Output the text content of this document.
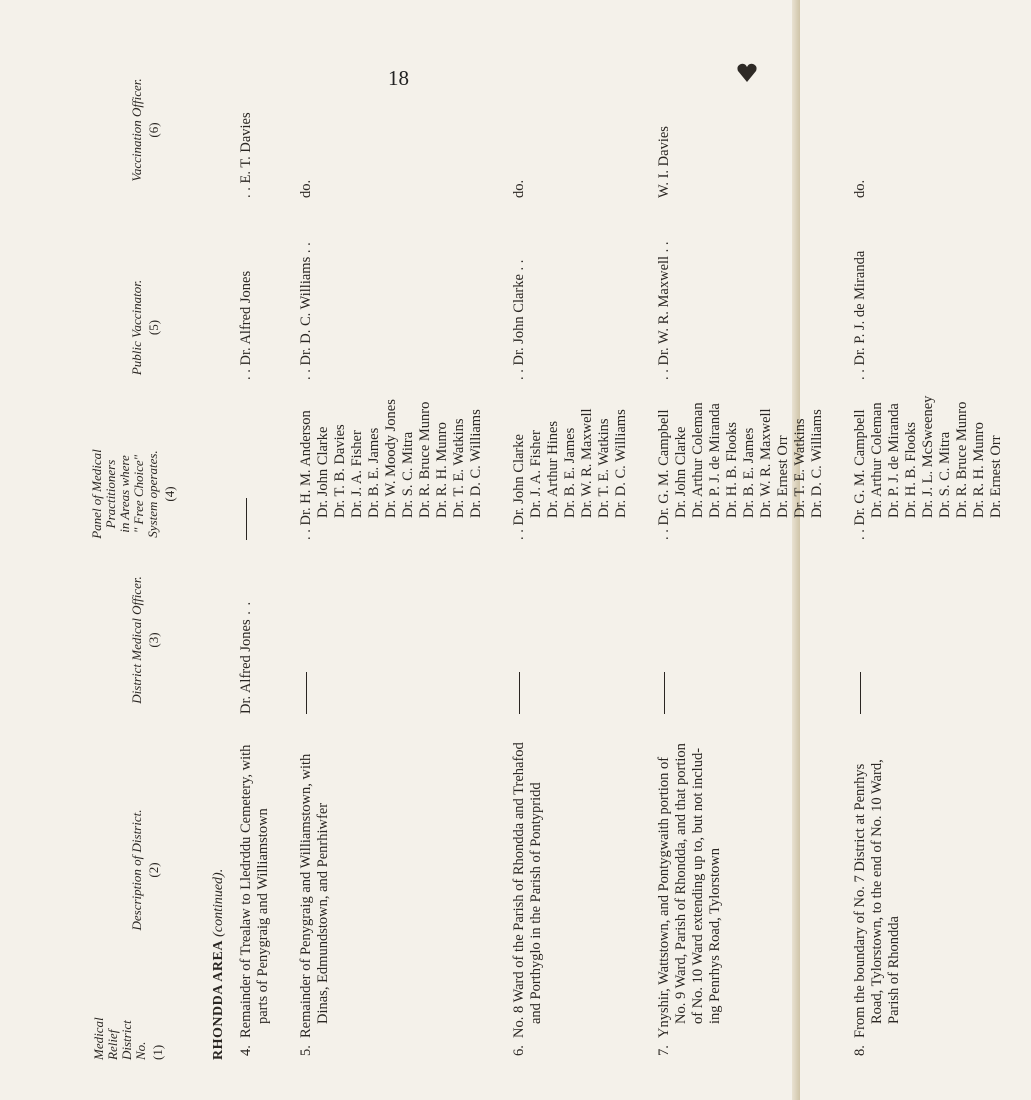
18
Medical Relief District No. (1)
Description of District. (2)
District Medical Officer. (3)
Panel of Medical Practitioners in Areas where " Free Choice" System operates. (4)
Public Vaccinator. (5)
Vaccination Officer. (6)
RHONDDA AREA (continued).
4.
Remainder of Trealaw to Lledrddu Cemetery, with parts of Penygraig and Williamstown
Dr. Alfred Jones . .
. . Dr. Alfred Jones
. . E. T. Davies
5.
Remainder of Penygraig and Williamstown, with Dinas, Edmundstown, and Penrhiwfer
. . Dr. H. M. Anderson Dr. John Clarke Dr. T. B. Davies Dr. J. A. Fisher Dr. B. E. James Dr. W. Moody Jones Dr. S. C. Mitra Dr. R. Bruce Munro Dr. R. H. Munro Dr. T. E. Watkins Dr. D. C. Williams
. . Dr. D. C. Williams . .
do.
6.
No. 8 Ward of the Parish of Rhondda and Trehafod and Porthyglo in the Parish of Pontypridd
. . Dr. John Clarke Dr. J. A. Fisher Dr. Arthur Hines Dr. B. E. James Dr. W. R. Maxwell Dr. T. E. Watkins Dr. D. C. Williams
. . Dr. John Clarke . .
do.
7.
Ynyshir, Wattstown, and Pontygwaith portion of No. 9 Ward, Parish of Rhondda, and that portion of No. 10 Ward extending up to, but not includ- ing Penrhys Road, Tylorstown
. . Dr. G. M. Campbell Dr. John Clarke Dr. Arthur Coleman Dr. P. J. de Miranda Dr. H. B. Flooks Dr. B. E. James Dr. W. R. Maxwell Dr. Ernest Orr Dr. T. E. Watkins Dr. D. C. Williams
. . Dr. W. R. Maxwell . .
W. I. Davies
8.
From the boundary of No. 7 District at Penrhys Road, Tylorstown, to the end of No. 10 Ward, Parish of Rhondda
. . Dr. G. M. Campbell Dr. Arthur Coleman Dr. P. J. de Miranda Dr. H. B. Flooks Dr. J. L. McSweeney Dr. S. C. Mitra Dr. R. Bruce Munro Dr. R. H. Munro Dr. Ernest Orr
. . Dr. P. J. de Miranda
do.
